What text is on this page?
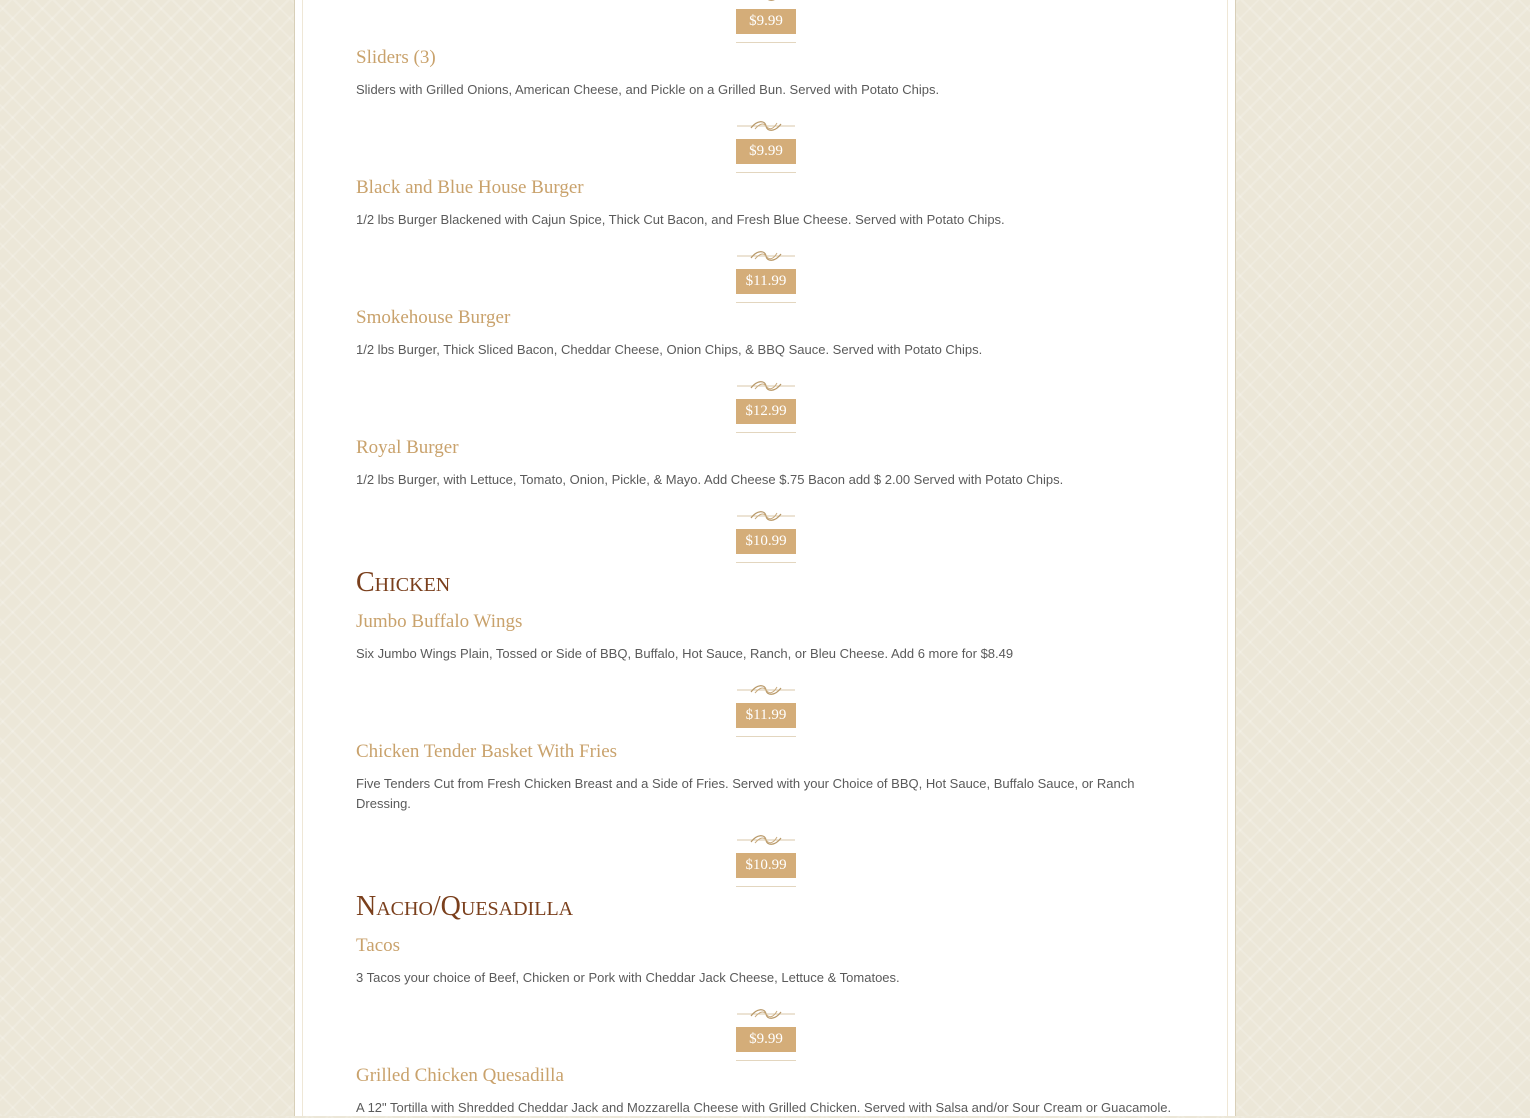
$9.99
Sliders (3)
Sliders with Grilled Onions, American Cheese, and Pickle on a Grilled Bun. Served with Potato Chips.
$9.99
Black and Blue House Burger
1/2 lbs Burger Blackened with Cajun Spice, Thick Cut Bacon, and Fresh Blue Cheese. Served with Potato Chips.
$11.99
Smokehouse Burger
1/2 lbs Burger, Thick Sliced Bacon, Cheddar Cheese, Onion Chips, & BBQ Sauce. Served with Potato Chips.
$12.99
Royal Burger
1/2 lbs Burger, with Lettuce, Tomato, Onion, Pickle, & Mayo. Add Cheese $.75 Bacon add $ 2.00 Served with Potato Chips.
$10.99
Chicken
Jumbo Buffalo Wings
Six Jumbo Wings Plain, Tossed or Side of BBQ, Buffalo, Hot Sauce, Ranch, or Bleu Cheese. Add 6 more for $8.49
$11.99
Chicken Tender Basket With Fries
Five Tenders Cut from Fresh Chicken Breast and a Side of Fries. Served with your Choice of BBQ, Hot Sauce, Buffalo Sauce, or Ranch Dressing.
$10.99
Nacho/Quesadilla
Tacos
3 Tacos your choice of Beef, Chicken or Pork with Cheddar Jack Cheese, Lettuce & Tomatoes.
$9.99
Grilled Chicken Quesadilla
A 12" Tortilla with Shredded Cheddar Jack and Mozzarella Cheese with Grilled Chicken. Served with Salsa and/or Sour Cream or Guacamole.
